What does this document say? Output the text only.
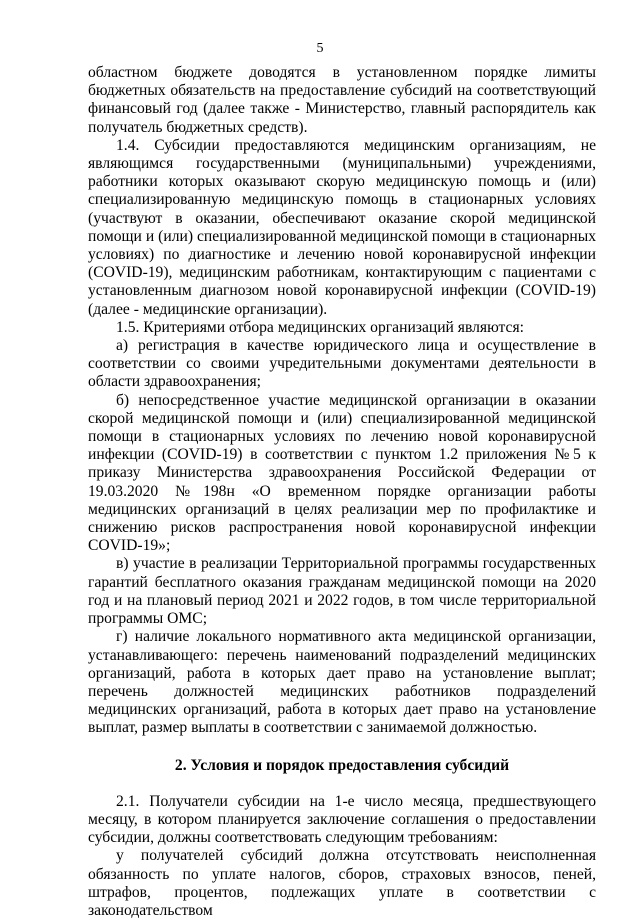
5

областном бюджете доводятся в установленном порядке лимиты бюджетных обязательств на предоставление субсидий на соответствующий финансовый год (далее также - Министерство, главный распорядитель как получатель бюджетных средств).

1.4. Субсидии предоставляются медицинским организациям, не являющимся государственными (муниципальными) учреждениями, работники которых оказывают скорую медицинскую помощь и (или) специализированную медицинскую помощь в стационарных условиях (участвуют в оказании, обеспечивают оказание скорой медицинской помощи и (или) специализированной медицинской помощи в стационарных условиях) по диагностике и лечению новой коронавирусной инфекции (COVID-19), медицинским работникам, контактирующим с пациентами с установленным диагнозом новой коронавирусной инфекции (COVID-19) (далее - медицинские организации).

1.5. Критериями отбора медицинских организаций являются:

а) регистрация в качестве юридического лица и осуществление в соответствии со своими учредительными документами деятельности в области здравоохранения;

б) непосредственное участие медицинской организации в оказании скорой медицинской помощи и (или) специализированной медицинской помощи в стационарных условиях по лечению новой коронавирусной инфекции (COVID-19) в соответствии с пунктом 1.2 приложения №5 к приказу Министерства здравоохранения Российской Федерации от 19.03.2020 №198н «О временном порядке организации работы медицинских организаций в целях реализации мер по профилактике и снижению рисков распространения новой коронавирусной инфекции COVID-19»;

в) участие в реализации Территориальной программы государственных гарантий бесплатного оказания гражданам медицинской помощи на 2020 год и на плановый период 2021 и 2022 годов, в том числе территориальной программы ОМС;

г) наличие локального нормативного акта медицинской организации, устанавливающего: перечень наименований подразделений медицинских организаций, работа в которых дает право на установление выплат; перечень должностей медицинских работников подразделений медицинских организаций, работа в которых дает право на установление выплат, размер выплаты в соответствии с занимаемой должностью.

2. Условия и порядок предоставления субсидий

2.1. Получатели субсидии на 1-е число месяца, предшествующего месяцу, в котором планируется заключение соглашения о предоставлении субсидии, должны соответствовать следующим требованиям:

у получателей субсидий должна отсутствовать неисполненная обязанность по уплате налогов, сборов, страховых взносов, пеней, штрафов, процентов, подлежащих уплате в соответствии с законодательством
